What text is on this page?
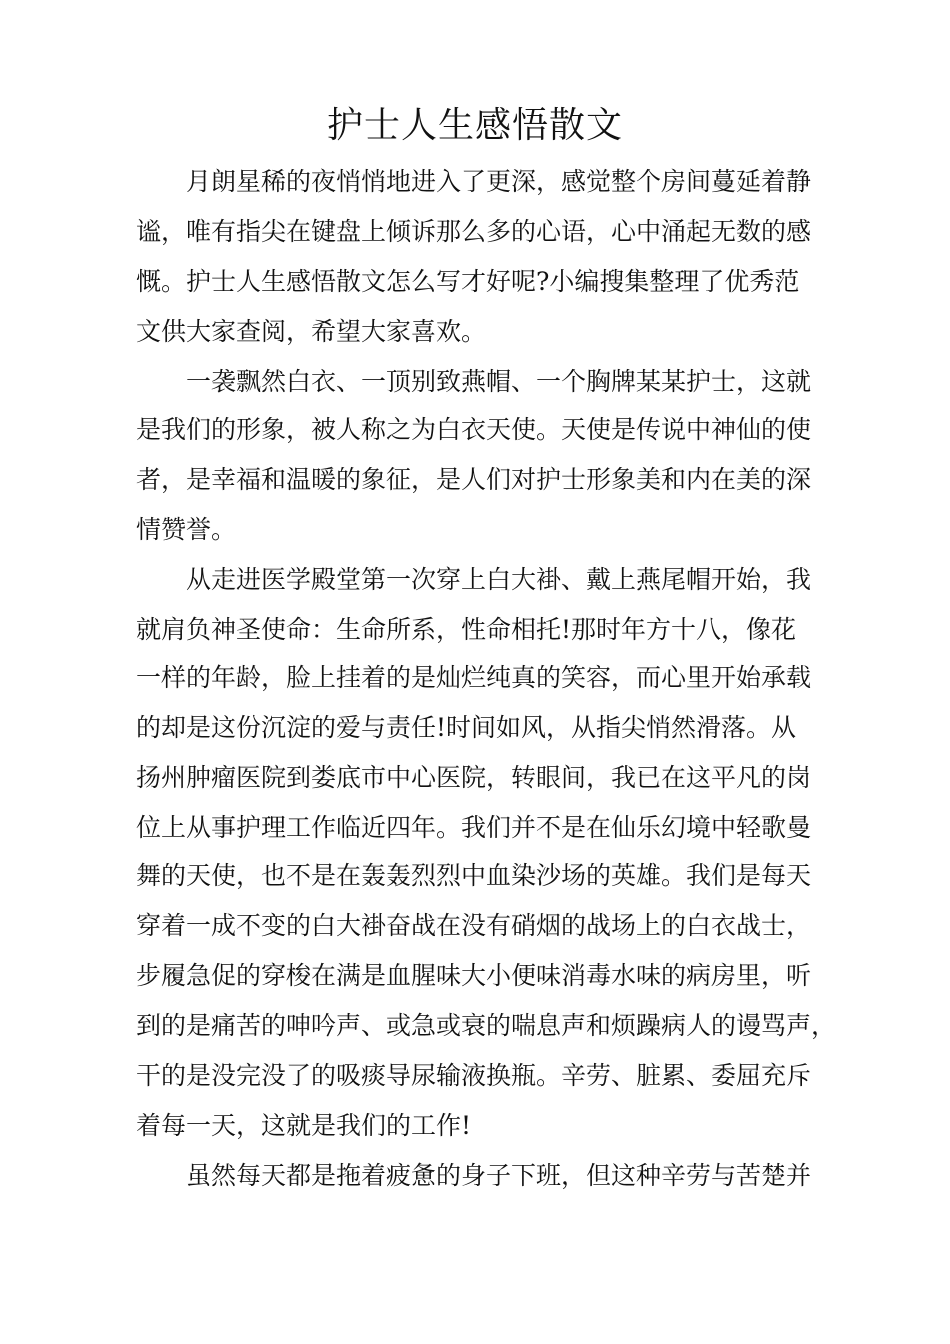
护士人生感悟散文

月朗星稀的夜悄悄地进入了更深，感觉整个房间蔓延着静

谧，唯有指尖在键盘上倾诉那么多的心语，心中涌起无数的感

慨。护士人生感悟散文怎么写才好呢?小编搜集整理了优秀范

文供大家查阅，希望大家喜欢。

一袭飘然白衣、一顶别致燕帽、一个胸牌某某护士，这就

是我们的形象，被人称之为白衣天使。天使是传说中神仙的使

者，是幸福和温暖的象征，是人们对护士形象美和内在美的深

情赞誉。

从走进医学殿堂第一次穿上白大褂、戴上燕尾帽开始，我

就肩负神圣使命：生命所系，性命相托!那时年方十八，像花

一样的年龄，脸上挂着的是灿烂纯真的笑容，而心里开始承载

的却是这份沉淀的爱与责任!时间如风，从指尖悄然滑落。从

扬州肿瘤医院到娄底市中心医院，转眼间，我已在这平凡的岗

位上从事护理工作临近四年。我们并不是在仙乐幻境中轻歌曼

舞的天使，也不是在轰轰烈烈中血染沙场的英雄。我们是每天

穿着一成不变的白大褂奋战在没有硝烟的战场上的白衣战士，

步履急促的穿梭在满是血腥味大小便味消毒水味的病房里，听

到的是痛苦的呻吟声、或急或衰的喘息声和烦躁病人的谩骂声，

干的是没完没了的吸痰导尿输液换瓶。辛劳、脏累、委屈充斥

着每一天，这就是我们的工作!

虽然每天都是拖着疲惫的身子下班，但这种辛劳与苦楚并
